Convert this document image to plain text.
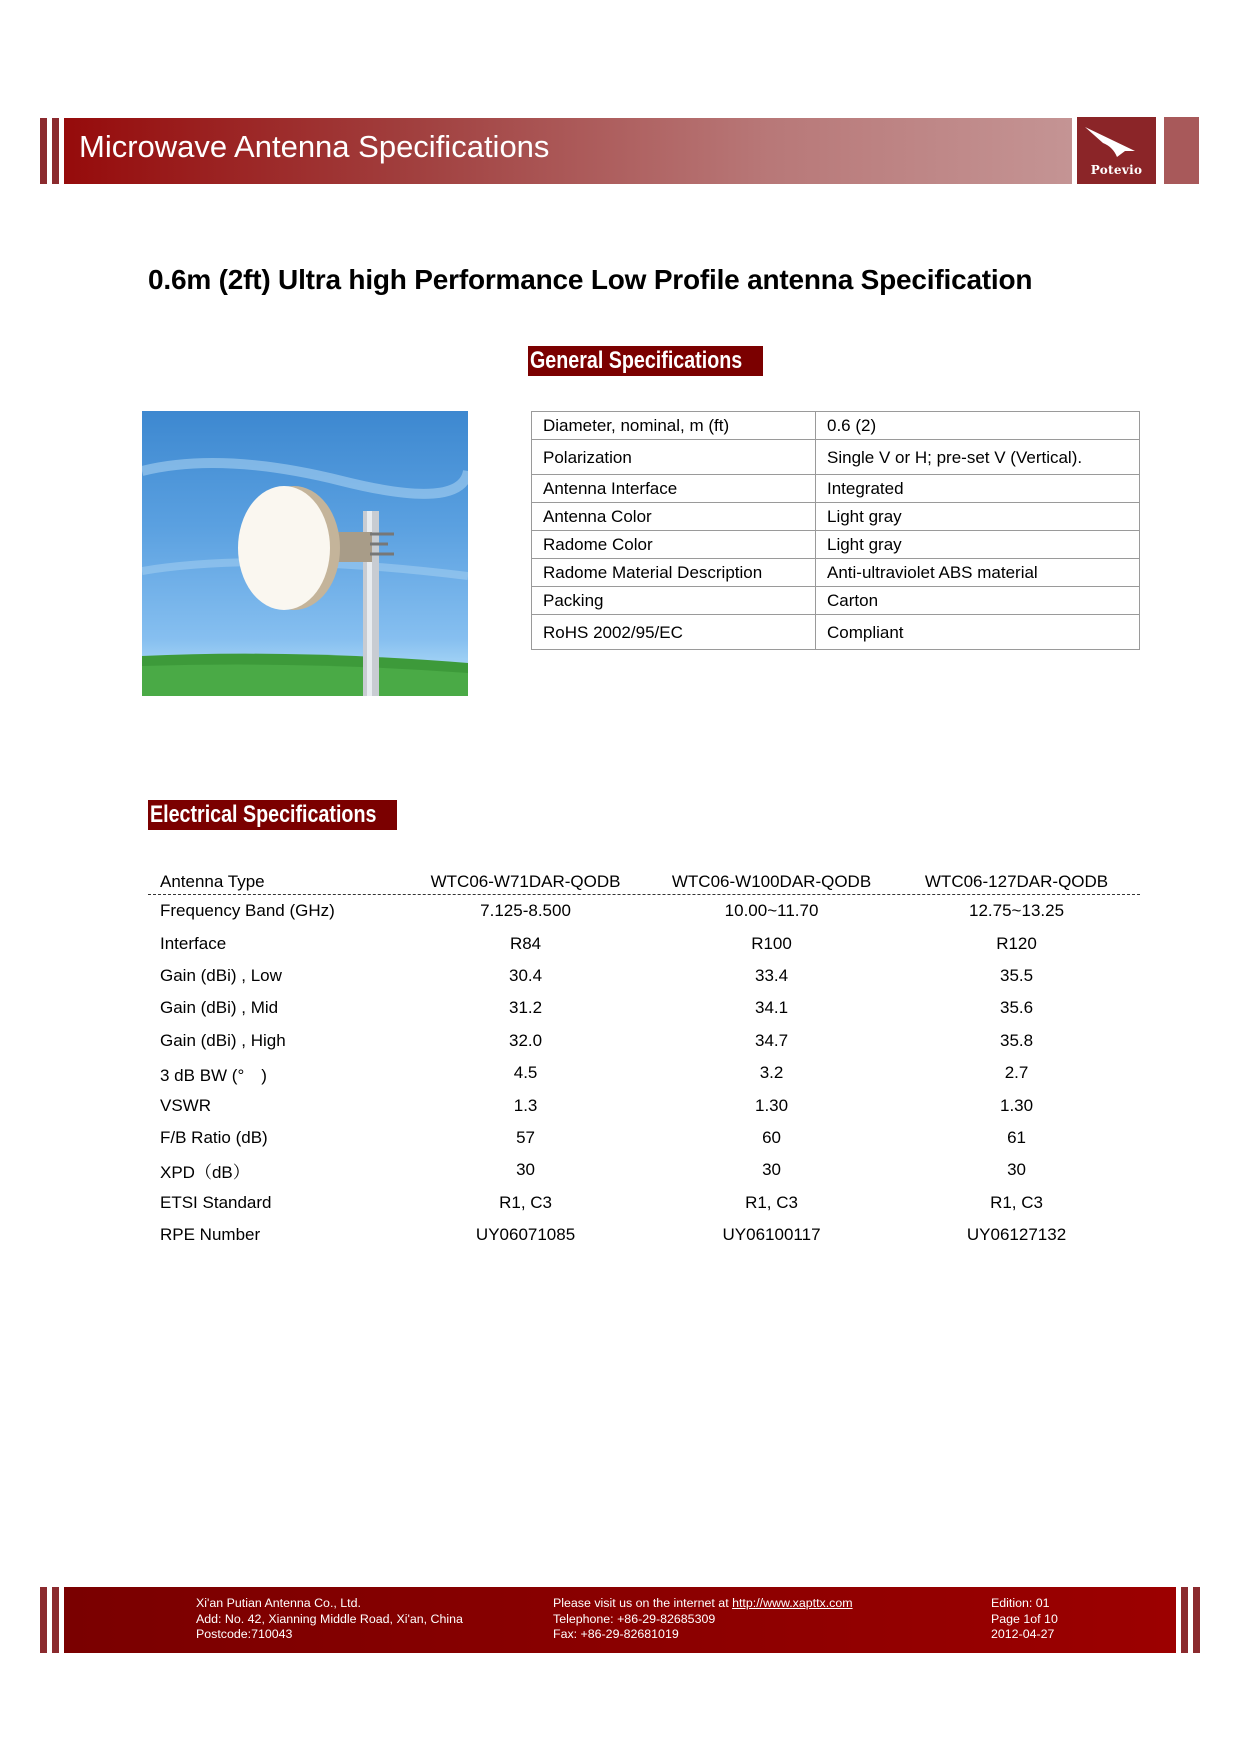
Microwave Antenna Specifications
Potevio
0.6m (2ft) Ultra high Performance Low Profile antenna Specification
General Specifications
Diameter, nominal, m (ft)	0.6 (2)
Polarization	Single V or H; pre-set V (Vertical).
Antenna Interface	Integrated
Antenna Color	Light gray
Radome Color	Light gray
Radome Material Description	Anti-ultraviolet ABS material
Packing	Carton
RoHS 2002/95/EC	Compliant
Electrical Specifications
Antenna Type	WTC06-W71DAR-QODB	WTC06-W100DAR-QODB	WTC06-127DAR-QODB
Frequency Band (GHz)	7.125-8.500	10.00~11.70	12.75~13.25
Interface	R84	R100	R120
Gain (dBi) , Low	30.4	33.4	35.5
Gain (dBi) , Mid	31.2	34.1	35.6
Gain (dBi) , High	32.0	34.7	35.8
3 dB BW (°　)	4.5	3.2	2.7
VSWR	1.3	1.30	1.30
F/B Ratio (dB)	57	60	61
XPD（dB）	30	30	30
ETSI Standard	R1, C3	R1, C3	R1, C3
RPE Number	UY06071085	UY06100117	UY06127132
Xi'an Putian Antenna Co., Ltd.
Add: No. 42, Xianning Middle Road, Xi'an, China
Postcode:710043
Please visit us on the internet at http://www.xapttx.com
Telephone: +86-29-82685309
Fax: +86-29-82681019
Edition: 01
Page 1of 10
2012-04-27
